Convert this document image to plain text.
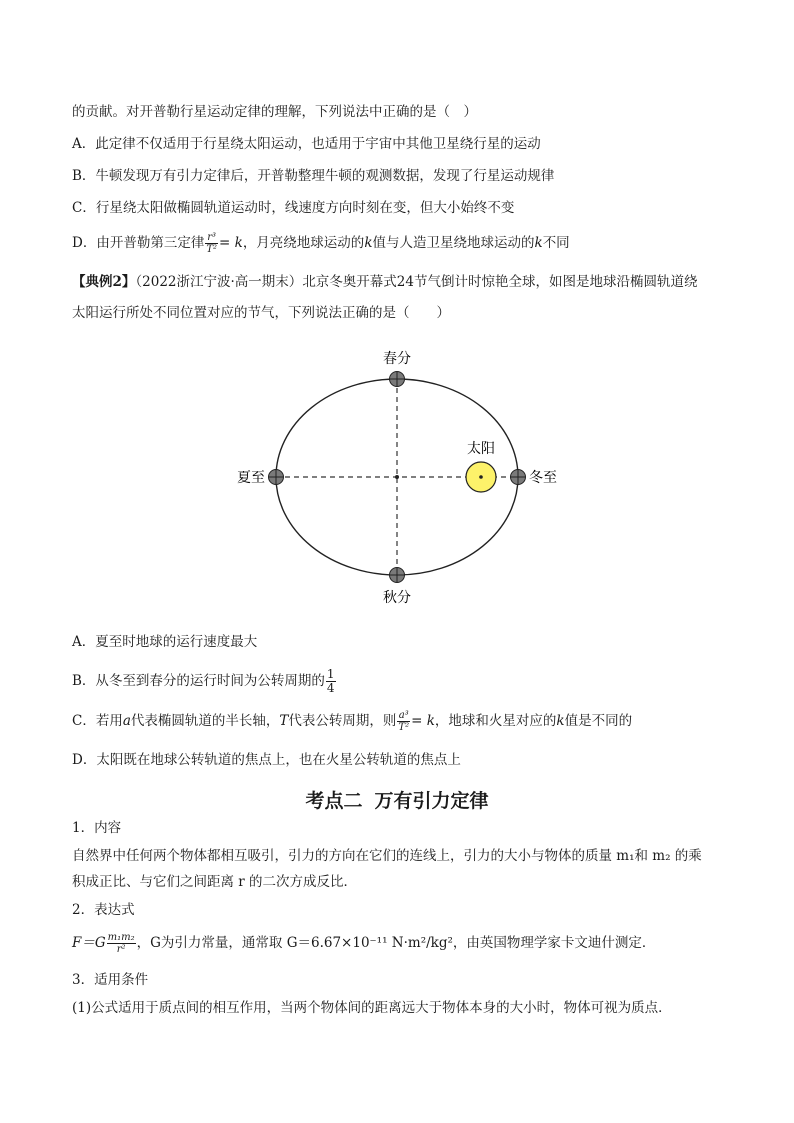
的贡献。对开普勒行星运动定律的理解，下列说法中正确的是（　）
A．此定律不仅适用于行星绕太阳运动，也适用于宇宙中其他卫星绕行星的运动
B．牛顿发现万有引力定律后，开普勒整理牛顿的观测数据，发现了行星运动规律
C．行星绕太阳做椭圆轨道运动时，线速度方向时刻在变，但大小始终不变
D．由开普勒第三定律 $\frac{\text{r³}}{\text{T²}} = k$，月亮绕地球运动的k值与人造卫星绕地球运动的k不同
【典例2】（2022浙江宁波·高一期末）北京冬奥开幕式24节气倒计时惊艳全球，如图是地球沿椭圆轨道绕
太阳运行所处不同位置对应的节气，下列说法正确的是（　　）
春分
秋分
夏至	冬至
太阳
A．夏至时地球的运行速度最大
B．从冬至到春分的运行时间为公转周期的 $\frac{1}{4}$
C．若用a代表椭圆轨道的半长轴，T代表公转周期，则 $\frac{\text{a³}}{\text{T²}} = k$，地球和火星对应的k值是不同的
D．太阳既在地球公转轨道的焦点上，也在火星公转轨道的焦点上
考点二 万有引力定律
1．内容
自然界中任何两个物体都相互吸引，引力的方向在它们的连线上，引力的大小与物体的质量 m₁和 m₂ 的乘
积成正比、与它们之间距离 r 的二次方成反比．
2．表达式
$F=G \frac{\text{m₁m₂}}{\text{r²}}$ ，G为引力常量，通常取 G＝6.67×10⁻¹¹ N·m²/kg²，由英国物理学家卡文迪什测定．
3．适用条件
(1)公式适用于质点间的相互作用，当两个物体间的距离远大于物体本身的大小时，物体可视为质点．
